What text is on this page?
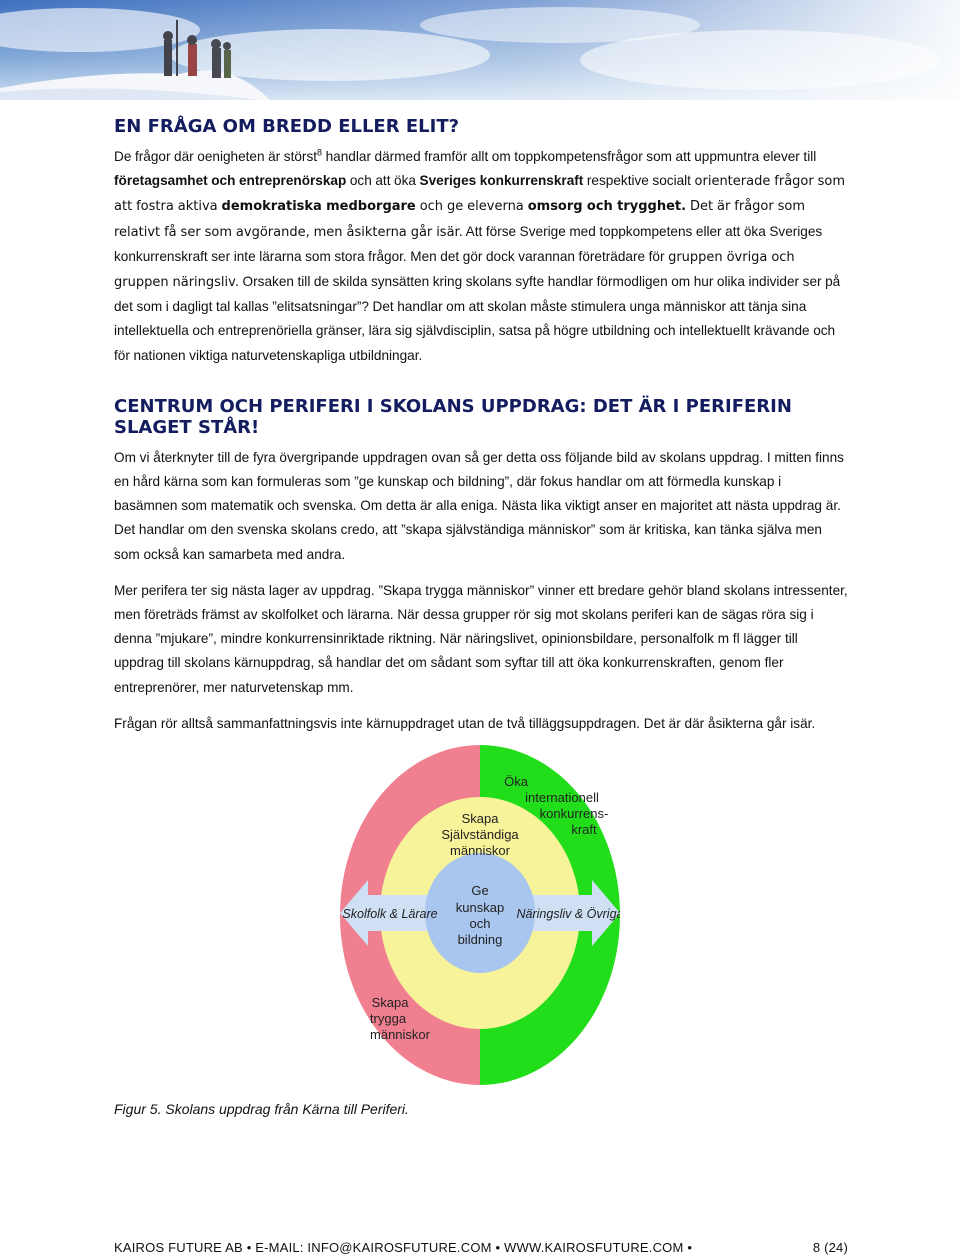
EN FRÅGA OM BREDD ELLER ELIT?

De frågor där oenigheten är störst$^8$ handlar därmed framför allt om toppkompetensfrågor som att uppmuntra elever till företagsamhet och entreprenörskap och att öka Sveriges konkurrenskraft respektive socialt orienterade frågor som att fostra aktiva demokratiska medborgare och ge eleverna omsorg och trygghet. Det är frågor som relativt få ser som avgörande, men åsikterna går isär. Att förse Sverige med toppkompetens eller att öka Sveriges konkurrenskraft ser inte lärarna som stora frågor. Men det gör dock varannan företrädare för gruppen övriga och gruppen näringsliv. Orsaken till de skilda synsätten kring skolans syfte handlar förmodligen om hur olika individer ser på det som i dagligt tal kallas ”elitsatsningar”? Det handlar om att skolan måste stimulera unga människor att tänja sina intellektuella och entreprenöriella gränser, lära sig självdisciplin, satsa på högre utbildning och intellektuellt krävande och för nationen viktiga naturvetenskapliga utbildningar.

CENTRUM OCH PERIFERI I SKOLANS UPPDRAG: DET ÄR I PERIFERIN SLAGET STÅR!

Om vi återknyter till de fyra övergripande uppdragen ovan så ger detta oss följande bild av skolans uppdrag. I mitten finns en hård kärna som kan formuleras som ”ge kunskap och bildning”, där fokus handlar om att förmedla kunskap i basämnen som matematik och svenska. Om detta är alla eniga. Nästa lika viktigt anser en majoritet att nästa uppdrag är. Det handlar om den svenska skolans credo, att ”skapa självständiga människor” som är kritiska, kan tänka själva men som också kan samarbeta med andra.

Mer perifera ter sig nästa lager av uppdrag. ”Skapa trygga människor” vinner ett bredare gehör bland skolans intressenter, men företräds främst av skolfolket och lärarna. När dessa grupper rör sig mot skolans periferi kan de sägas röra sig i denna ”mjukare”, mindre konkurrensinriktade riktning. När näringslivet, opinionsbildare, personalfolk m fl lägger till uppdrag till skolans kärnuppdrag, så handlar det om sådant som syftar till att öka konkurrenskraften, genom fler entreprenörer, mer naturvetenskap mm.

Frågan rör alltså sammanfattningsvis inte kärnuppdraget utan de två tilläggsuppdragen. Det är där åsikterna går isär.

Ge
kunskap
och
bildning
Skapa
Självständiga
människor
Skapa
trygga
människor
Öka
internationell
konkurrens-
kraft
Skolfolk & Lärare	Näringsliv & Övriga
Figur 5. Skolans uppdrag från Kärna till Periferi.
KAIROS FUTURE AB • E-MAIL: INFO@KAIROSFUTURE.COM • WWW.KAIROSFUTURE.COM •	8 (24)
